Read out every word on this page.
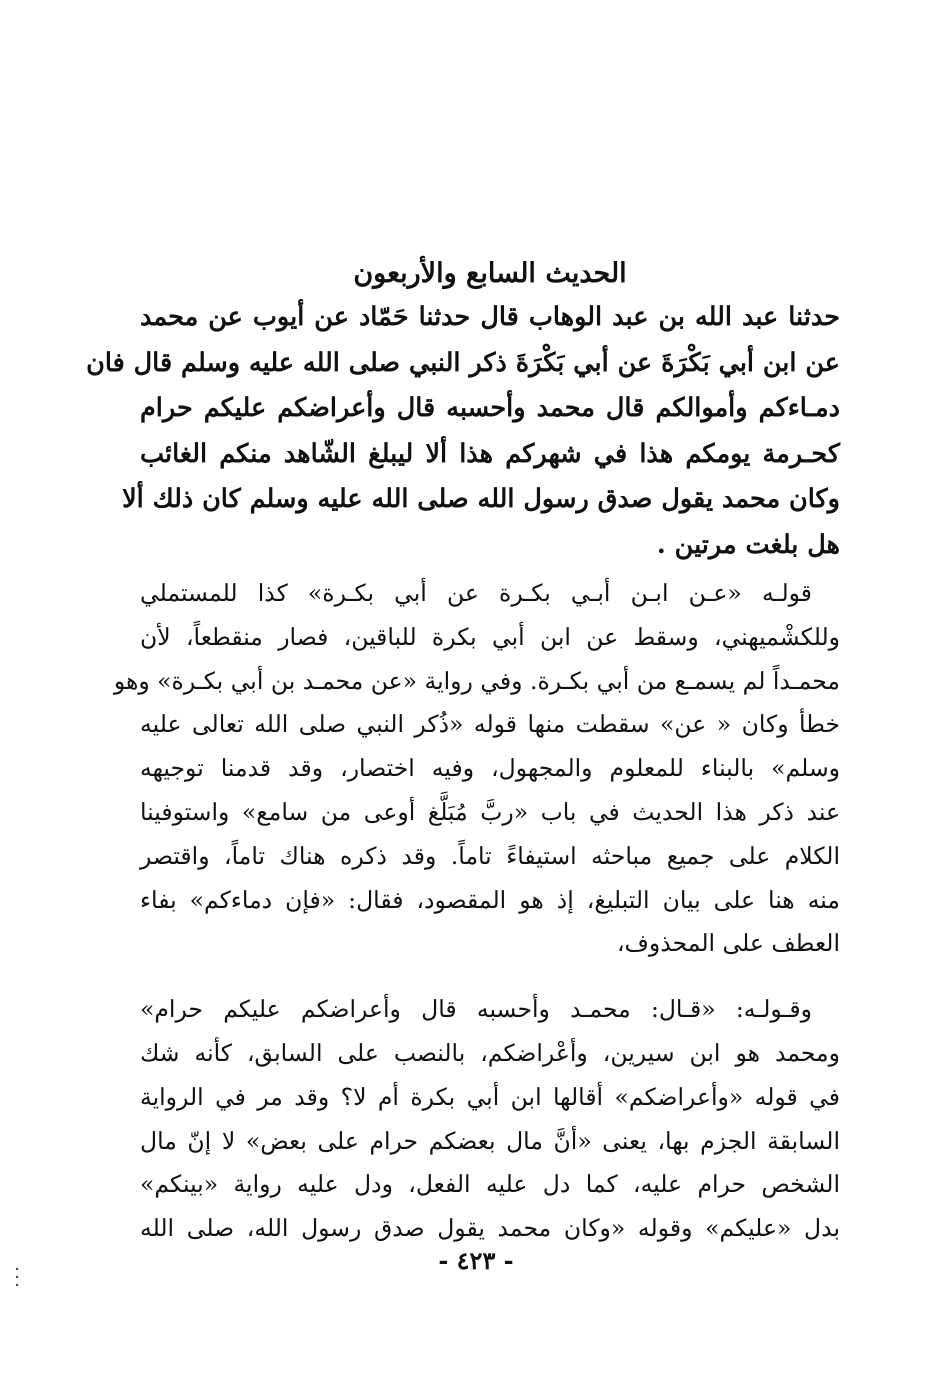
الحديث السابع والأربعون

حدثنا عبد الله بن عبد الوهاب قال حدثنا حَمّاد عن أيوب عن محمد

عن ابن أبي بَكْرَةَ عن أبي بَكْرَةَ ذكر النبي صلى الله عليه وسلم قال فان

دمـاءكم وأموالكم قال محمد وأحسبه قال وأعراضكم عليكم حرام

كحـرمة يومكم هذا في شهركم هذا ألا ليبلغ الشّاهد منكم الغائب

وكان محمد يقول صدق رسول الله صلى الله عليه وسلم كان ذلك ألا

هل بلغت مرتين .

قولـه «عـن ابـن أبـي بكـرة عن أبي بكـرة» كذا للمستملي

وللكشْميهني، وسقط عن ابن أبي بكرة للباقين، فصار منقطعاً، لأن

محمـداً لم يسمـع من أبي بكـرة. وفي رواية «عن محمـد بن أبي بكـرة» وهو

خطأ وكان « عن» سقطت منها قوله «ذُكر النبي صلى الله تعالى عليه

وسلم» بالبناء للمعلوم والمجهول، وفيه اختصار، وقد قدمنا توجيهه

عند ذكر هذا الحديث في باب «ربَّ مُبَلَّغ أوعى من سامع» واستوفينا

الكلام على جميع مباحثه استيفاءً تاماً. وقد ذكره هناك تاماً، واقتصر

منه هنا على بيان التبليغ، إذ هو المقصود، فقال: «فإن دماءكم» بفاء

العطف على المحذوف،

وقـولـه: «قـال: محمـد وأحسبه قال وأعراضكم عليكم حرام»

ومحمد هو ابن سيرين، وأعْراضكم، بالنصب على السابق، كأنه شك

في قوله «وأعراضكم» أقالها ابن أبي بكرة أم لا؟ وقد مر في الرواية

السابقة الجزم بها، يعنى «أنَّ مال بعضكم حرام على بعض» لا إنّ مال

الشخص حرام عليه، كما دل عليه الفعل، ودل عليه رواية «بينكم»

بدل «عليكم» وقوله «وكان محمد يقول صدق رسول الله، صلى الله

- ٤٢٣ -
